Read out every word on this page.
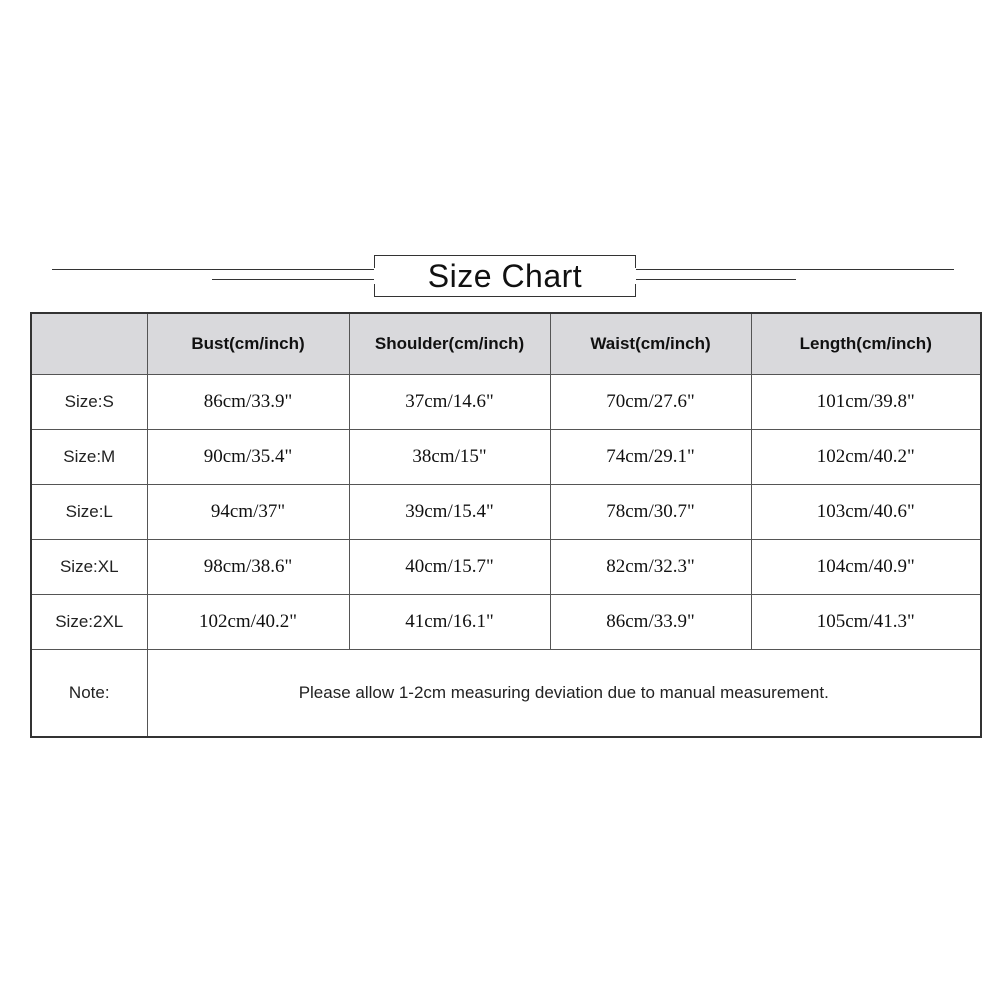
Size Chart
	Bust(cm/inch)	Shoulder(cm/inch)	Waist(cm/inch)	Length(cm/inch)
Size:S	86cm/33.9"	37cm/14.6"	70cm/27.6"	101cm/39.8"
Size:M	90cm/35.4"	38cm/15"	74cm/29.1"	102cm/40.2"
Size:L	94cm/37"	39cm/15.4"	78cm/30.7"	103cm/40.6"
Size:XL	98cm/38.6"	40cm/15.7"	82cm/32.3"	104cm/40.9"
Size:2XL	102cm/40.2"	41cm/16.1"	86cm/33.9"	105cm/41.3"
Note:	Please allow 1-2cm measuring deviation due to manual measurement.			
